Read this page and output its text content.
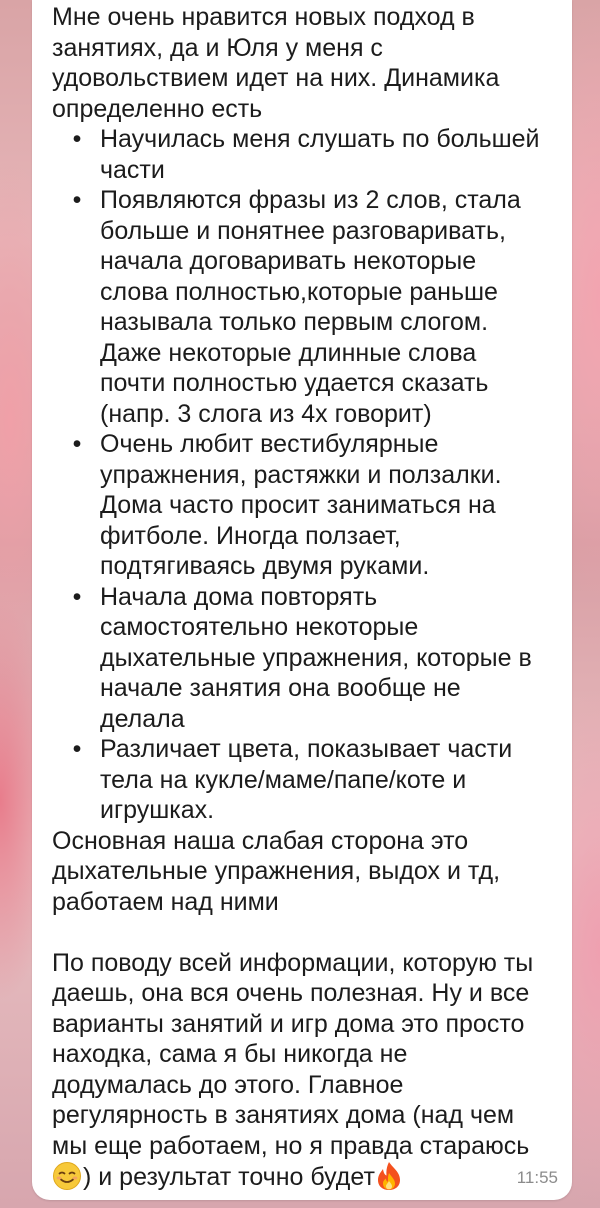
Мне очень нравится новых подход в
занятиях, да и Юля у меня с
удовольствием идет на них. Динамика
определенно есть
• Научилась меня слушать по большей
части
• Появляются фразы из 2 слов, стала
больше и понятнее разговаривать,
начала договаривать некоторые
слова полностью,которые раньше
называла только первым слогом.
Даже некоторые длинные слова
почти полностью удается сказать
(напр. 3 слога из 4х говорит)
• Очень любит вестибулярные
упражнения, растяжки и ползалки.
Дома часто просит заниматься на
фитболе. Иногда ползает,
подтягиваясь двумя руками.
• Начала дома повторять
самостоятельно некоторые
дыхательные упражнения, которые в
начале занятия она вообще не
делала
• Различает цвета, показывает части
тела на кукле/маме/папе/коте и
игрушках.
Основная наша слабая сторона это
дыхательные упражнения, выдох и тд,
работаем над ними
По поводу всей информации, которую ты
даешь, она вся очень полезная. Ну и все
варианты занятий и игр дома это просто
находка, сама я бы никогда не
додумалась до этого. Главное
регулярность в занятиях дома (над чем
мы еще работаем, но я правда стараюсь
) и результат точно будет	11:55
